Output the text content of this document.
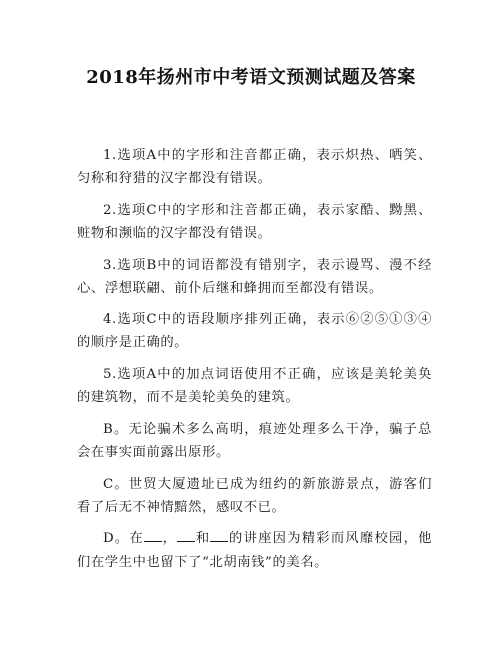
2018年扬州市中考语文预测试题及答案

1.选项A中的字形和注音都正确，表示炽热、哂笑、匀称和狩猎的汉字都没有错误。

2.选项C中的字形和注音都正确，表示家酷、黝黑、赃物和濒临的汉字都没有错误。

3.选项B中的词语都没有错别字，表示谩骂、漫不经心、浮想联翩、前仆后继和蜂拥而至都没有错误。

4.选项C中的语段顺序排列正确，表示⑥②⑤①③④的顺序是正确的。

5.选项A中的加点词语使用不正确，应该是美轮美奂的建筑物，而不是美轮美奂的建筑。

B。无论骗术多么高明，痕迹处理多么干净，骗子总会在事实面前露出原形。

C。世贸大厦遗址已成为纽约的新旅游景点，游客们看了后无不神情黯然，感叹不已。

D。在 ， 和 的讲座因为精彩而风靡校园，他们在学生中也留下了“北胡南钱”的美名。
